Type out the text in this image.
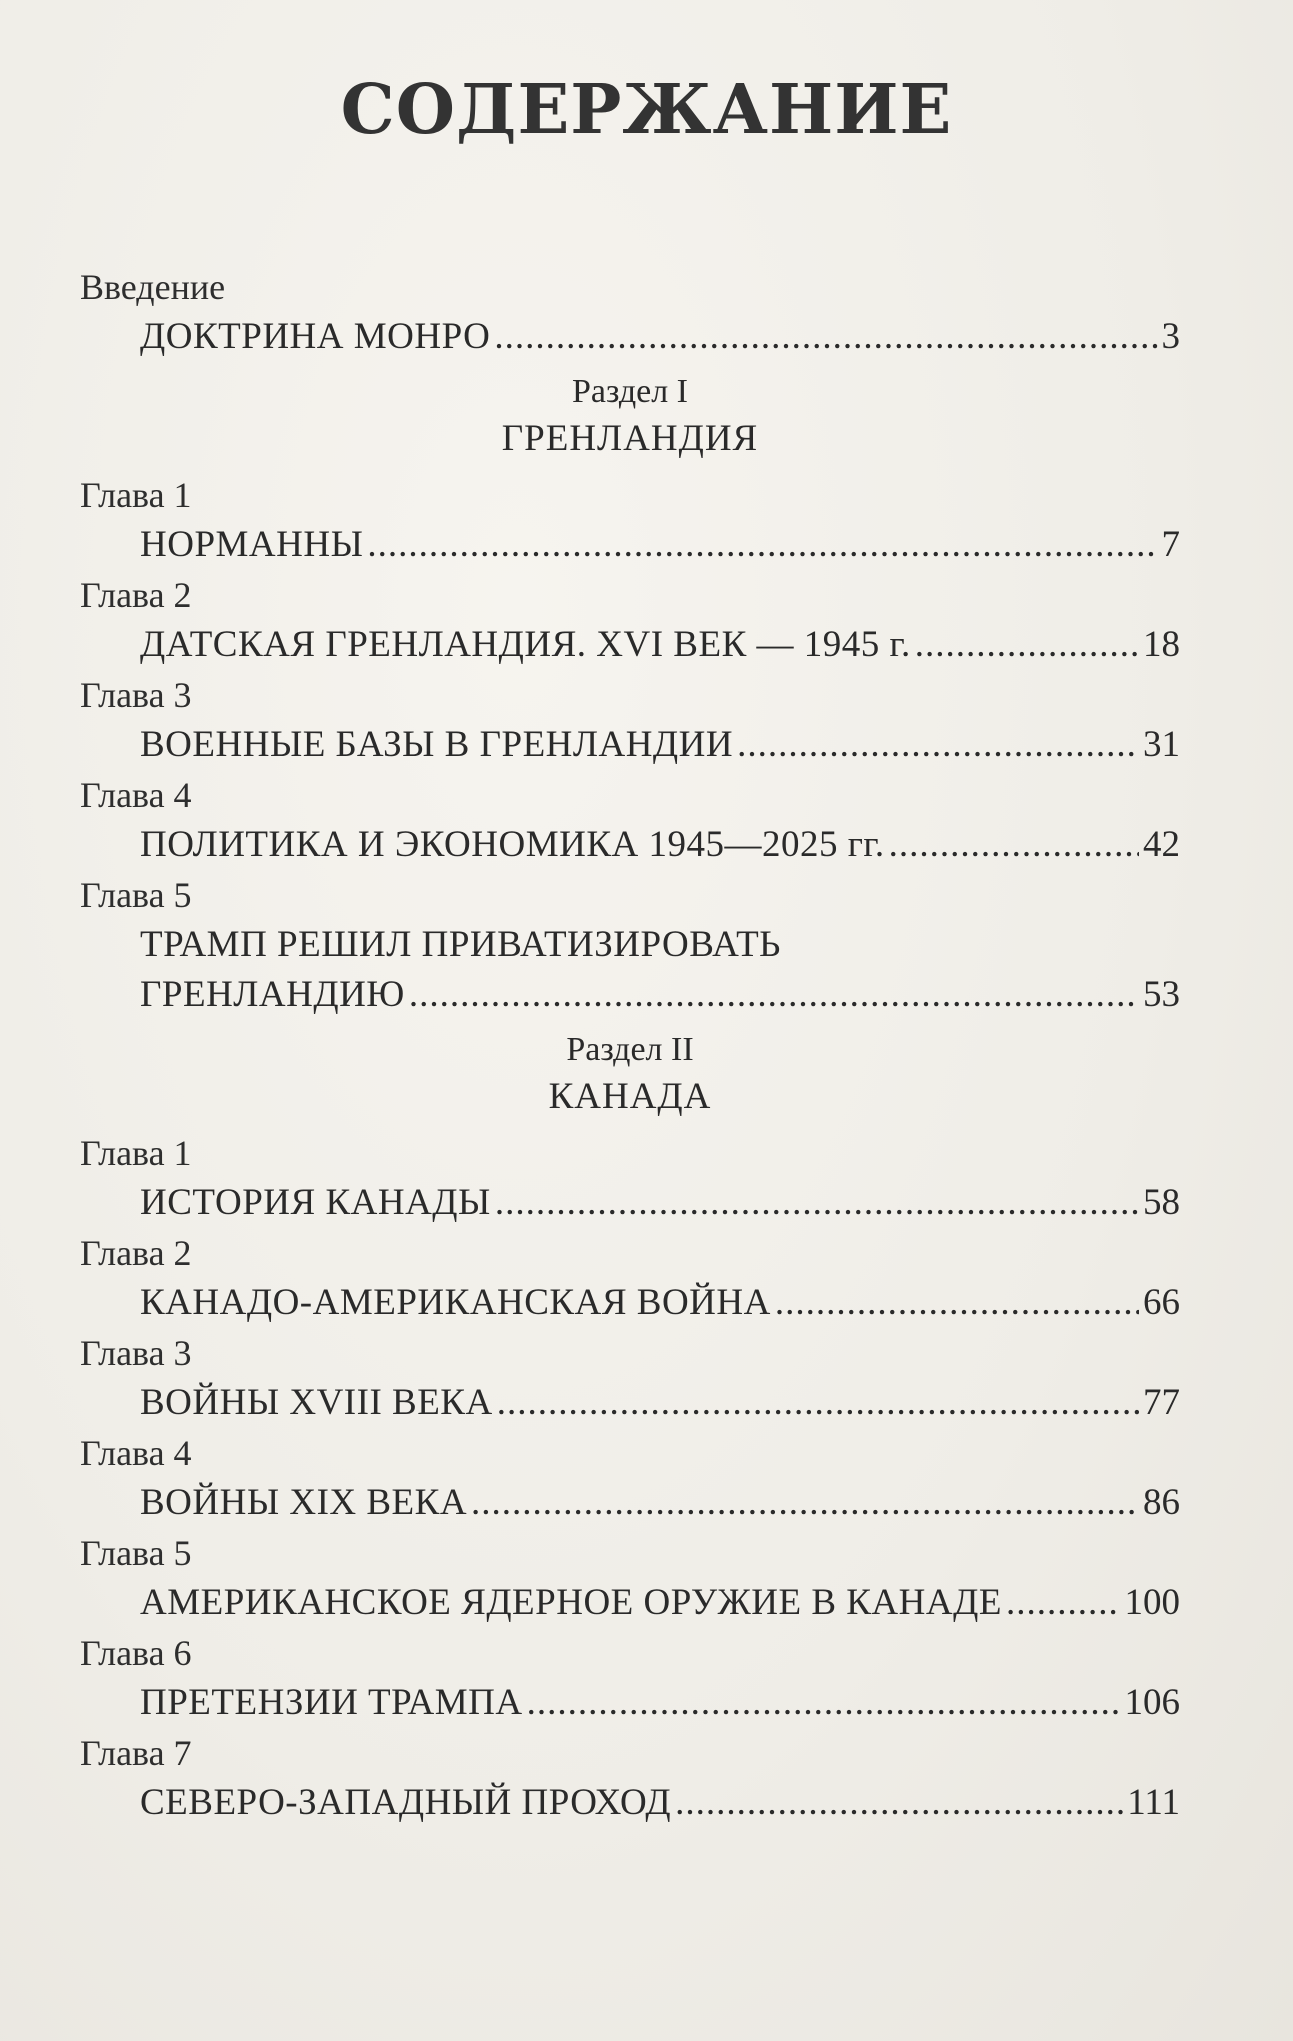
СОДЕРЖАНИЕ
Введение
ДОКТРИНА МОНРО .....	3
Раздел I
ГРЕНЛАНДИЯ
Глава 1
НОРМАННЫ .....	7
Глава 2
ДАТСКАЯ ГРЕНЛАНДИЯ. XVI ВЕК — 1945 г. .....	18
Глава 3
ВОЕННЫЕ БАЗЫ В ГРЕНЛАНДИИ .....	31
Глава 4
ПОЛИТИКА И ЭКОНОМИКА 1945—2025 гг. .....	42
Глава 5
ТРАМП РЕШИЛ ПРИВАТИЗИРОВАТЬ
ГРЕНЛАНДИЮ .....	53
Раздел II
КАНАДА
Глава 1
ИСТОРИЯ КАНАДЫ .....	58
Глава 2
КАНАДО-АМЕРИКАНСКАЯ ВОЙНА .....	66
Глава 3
ВОЙНЫ XVIII ВЕКА .....	77
Глава 4
ВОЙНЫ XIX ВЕКА .....	86
Глава 5
АМЕРИКАНСКОЕ ЯДЕРНОЕ ОРУЖИЕ В КАНАДЕ .....	100
Глава 6
ПРЕТЕНЗИИ ТРАМПА .....	106
Глава 7
СЕВЕРО-ЗАПАДНЫЙ ПРОХОД .....	111
